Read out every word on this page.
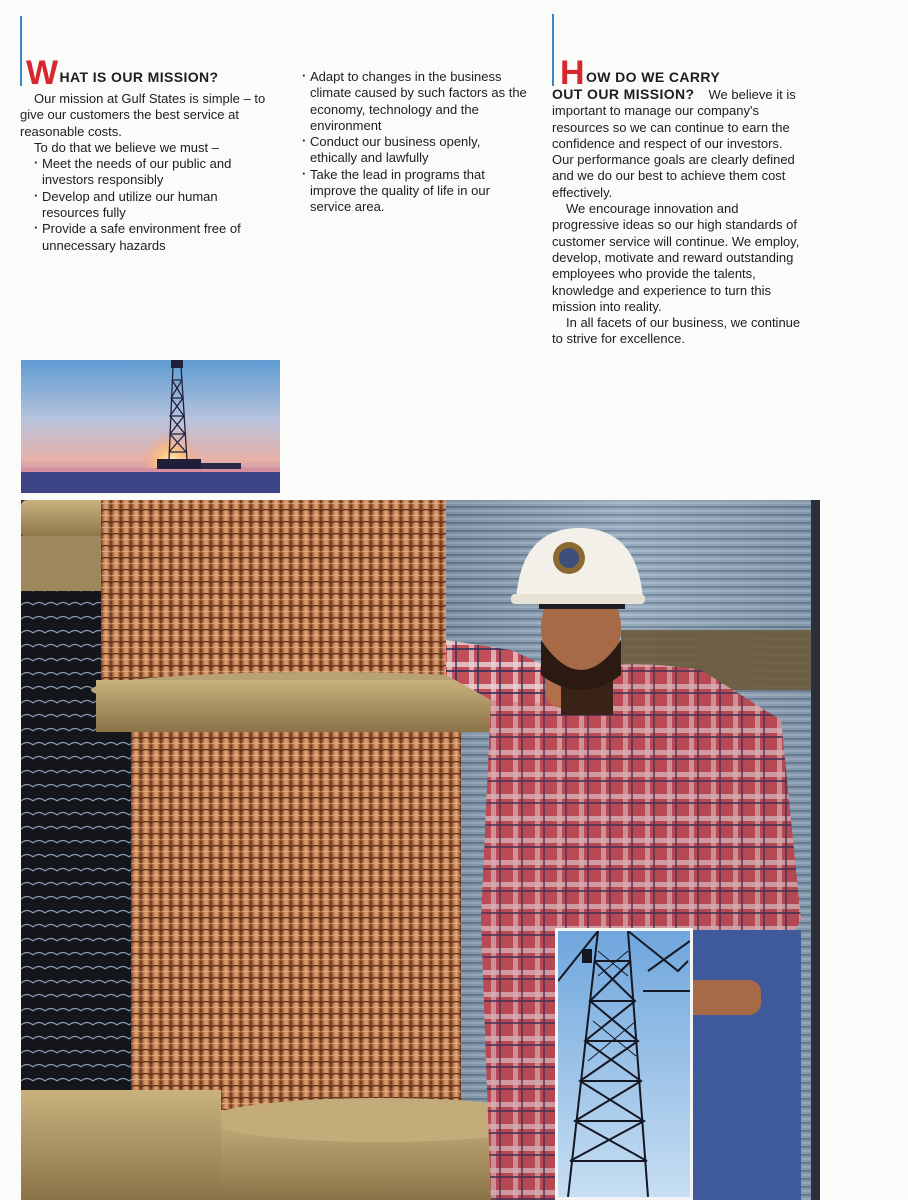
WHAT IS OUR MISSION?

Our mission at Gulf States is simple – to give our customers the best service at reasonable costs.

To do that we believe we must –

· Meet the needs of our public and investors responsibly
· Develop and utilize our human resources fully
· Provide a safe environment free of unnecessary hazards
· Adapt to changes in the business climate caused by such factors as the economy, technology and the environment
· Conduct our business openly, ethically and lawfully
· Take the lead in programs that improve the quality of life in our service area.
HOW DO WE CARRY

OUT OUR MISSION? We believe it is important to manage our company's resources so we can continue to earn the confidence and respect of our investors. Our performance goals are clearly defined and we do our best to achieve them cost effectively.

We encourage innovation and progressive ideas so our high standards of customer service will continue. We employ, develop, motivate and reward outstanding employees who provide the talents, knowledge and experience to turn this mission into reality.

In all facets of our business, we continue to strive for excellence.
